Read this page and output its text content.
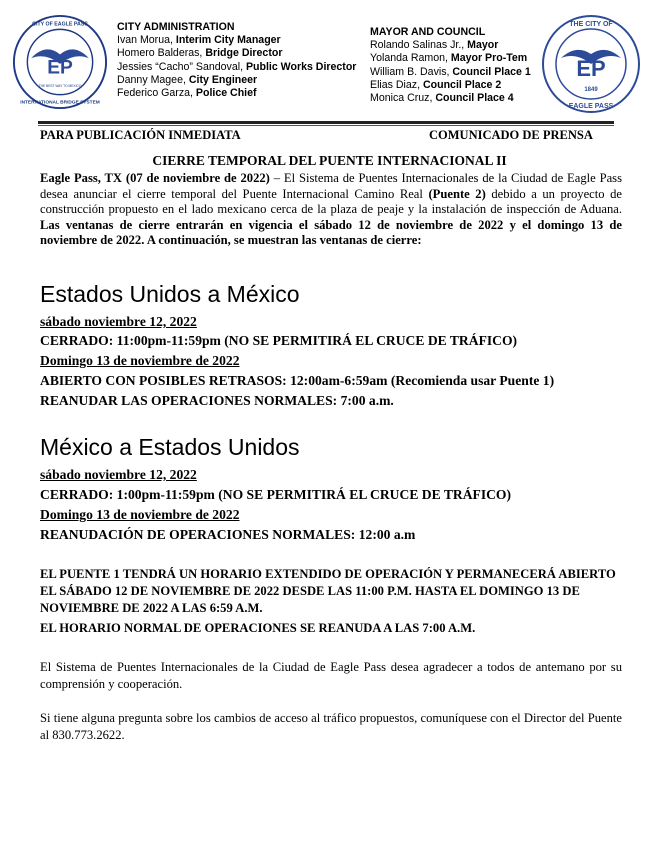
EP
CITY OF EAGLE PASS
INTERNATIONAL BRIDGE SYSTEM
THE BEST WAY TO MEXICO
EP
THE CITY OF
EAGLE PASS
1849
CITY ADMINISTRATION
Ivan Morua, Interim City Manager
Homero Balderas, Bridge Director
Jessies “Cacho” Sandoval, Public Works Director
Danny Magee, City Engineer
Federico Garza, Police Chief
MAYOR AND COUNCIL
Rolando Salinas Jr., Mayor
Yolanda Ramon, Mayor Pro-Tem
William B. Davis, Council Place 1
Elias Diaz, Council Place 2
Monica Cruz, Council Place 4
PARA PUBLICACIÓN INMEDIATA	COMUNICADO DE PRENSA
CIERRE TEMPORAL DEL PUENTE INTERNACIONAL II
Eagle Pass, TX (07 de noviembre de 2022) – El Sistema de Puentes Internacionales de la Ciudad de Eagle Pass desea anunciar el cierre temporal del Puente Internacional Camino Real (Puente 2) debido a un proyecto de construcción propuesto en el lado mexicano cerca de la plaza de peaje y la instalación de inspección de Aduana. Las ventanas de cierre entrarán en vigencia el sábado 12 de noviembre de 2022 y el domingo 13 de noviembre de 2022. A continuación, se muestran las ventanas de cierre:
Estados Unidos a México
sábado noviembre 12, 2022
CERRADO: 11:00pm-11:59pm (NO SE PERMITIRÁ EL CRUCE DE TRÁFICO)
Domingo 13 de noviembre de 2022
ABIERTO CON POSIBLES RETRASOS: 12:00am-6:59am (Recomienda usar Puente 1)
REANUDAR LAS OPERACIONES NORMALES: 7:00 a.m.
México a Estados Unidos
sábado noviembre 12, 2022
CERRADO: 1:00pm-11:59pm (NO SE PERMITIRÁ EL CRUCE DE TRÁFICO)
Domingo 13 de noviembre de 2022
REANUDACIÓN DE OPERACIONES NORMALES: 12:00 a.m
EL PUENTE 1 TENDRÁ UN HORARIO EXTENDIDO DE OPERACIÓN Y PERMANECERÁ ABIERTO EL SÁBADO 12 DE NOVIEMBRE DE 2022 DESDE LAS 11:00 P.M. HASTA EL DOMINGO 13 DE NOVIEMBRE DE 2022 A LAS 6:59 A.M.
EL HORARIO NORMAL DE OPERACIONES SE REANUDA A LAS 7:00 A.M.
El Sistema de Puentes Internacionales de la Ciudad de Eagle Pass desea agradecer a todos de antemano por su comprensión y cooperación.
Si tiene alguna pregunta sobre los cambios de acceso al tráfico propuestos, comuníquese con el Director del Puente al 830.773.2622.
